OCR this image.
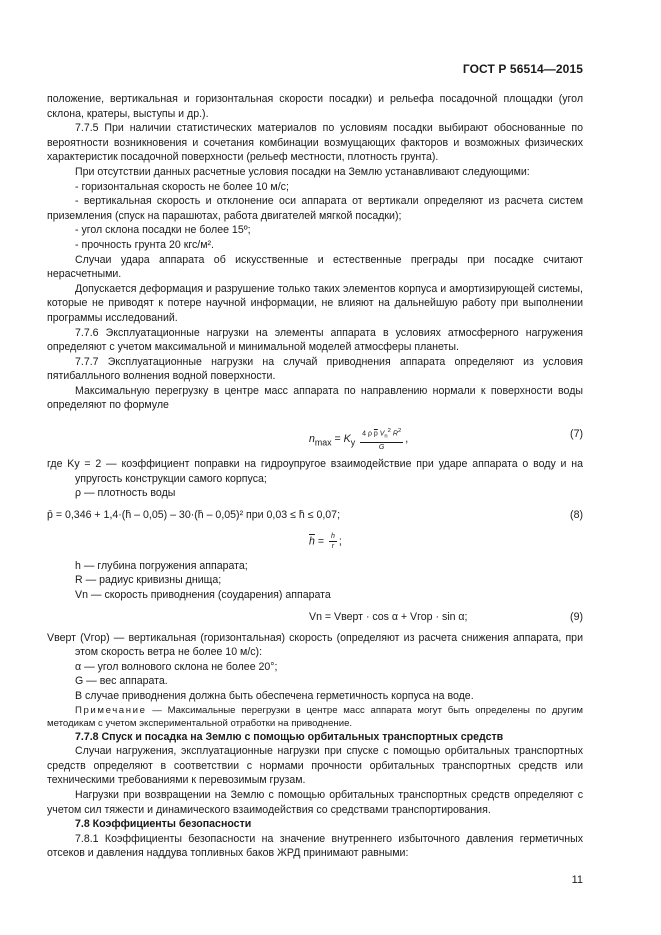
ГОСТ Р 56514—2015

положение, вертикальная и горизонтальная скорости посадки) и рельефа посадочной площадки (угол склона, кратеры, выступы и др.).

7.7.5 При наличии статистических материалов по условиям посадки выбирают обоснованные по вероятности возникновения и сочетания комбинации возмущающих факторов и возможных физических характеристик посадочной поверхности (рельеф местности, плотность грунта).

При отсутствии данных расчетные условия посадки на Землю устанавливают следующими:

- горизонтальная скорость не более 10 м/с;

- вертикальная скорость и отклонение оси аппарата от вертикали определяют из расчета систем приземления (спуск на парашютах, работа двигателей мягкой посадки);

- угол склона посадки не более 15º;

- прочность грунта 20 кгс/м².

Случаи удара аппарата об искусственные и естественные преграды при посадке считают нерасчетными.

Допускается деформация и разрушение только таких элементов корпуса и амортизирующей системы, которые не приводят к потере научной информации, не влияют на дальнейшую работу при выполнении программы исследований.

7.7.6 Эксплуатационные нагрузки на элементы аппарата в условиях атмосферного нагружения определяют с учетом максимальной и минимальной моделей атмосферы планеты.

7.7.7 Эксплуатационные нагрузки на случай приводнения аппарата определяют из условия пятибалльного волнения водной поверхности.

Максимальную перегрузку в центре масс аппарата по направлению нормали к поверхности воды определяют по формуле

$n_{max} = K_y \frac{4 \rho \overline{p} V_n^2 R^2}{G}$ ,	(7)

где Ky = 2 — коэффициент поправки на гидроупругое взаимодействие при ударе аппарата о воду и на упругость конструкции самого корпуса;

ρ — плотность воды

p̄ = 0,346 + 1,4·(h̄ – 0,05) – 30·(h̄ – 0,05)² при 0,03 ≤ h̄ ≤ 0,07;	(8)
$\overline{h} = \frac{h}{r}$ ;

h — глубина погружения аппарата;

R — радиус кривизны днища;

Vn — скорость приводнения (соударения) аппарата

Vn = Vверт · cos α + Vгор · sin α;	(9)

Vверт (Vгор) — вертикальная (горизонтальная) скорость (определяют из расчета снижения аппарата, при этом скорость ветра не более 10 м/с):

α — угол волнового склона не более 20°;

G — вес аппарата.

В случае приводнения должна быть обеспечена герметичность корпуса на воде.

Примечание — Максимальные перегрузки в центре масс аппарата могут быть определены по другим методикам с учетом экспериментальной отработки на приводнение.

7.7.8 Спуск и посадка на Землю с помощью орбитальных транспортных средств

Случаи нагружения, эксплуатационные нагрузки при спуске с помощью орбитальных транспортных средств определяют в соответствии с нормами прочности орбитальных транспортных средств или техническими требованиями к перевозимым грузам.

Нагрузки при возвращении на Землю с помощью орбитальных транспортных средств определяют с учетом сил тяжести и динамического взаимодействия со средствами транспортирования.

7.8 Коэффициенты безопасности

7.8.1 Коэффициенты безопасности на значение внутреннего избыточного давления герметичных отсеков и давления наддува топливных баков ЖРД принимают равными:

11
